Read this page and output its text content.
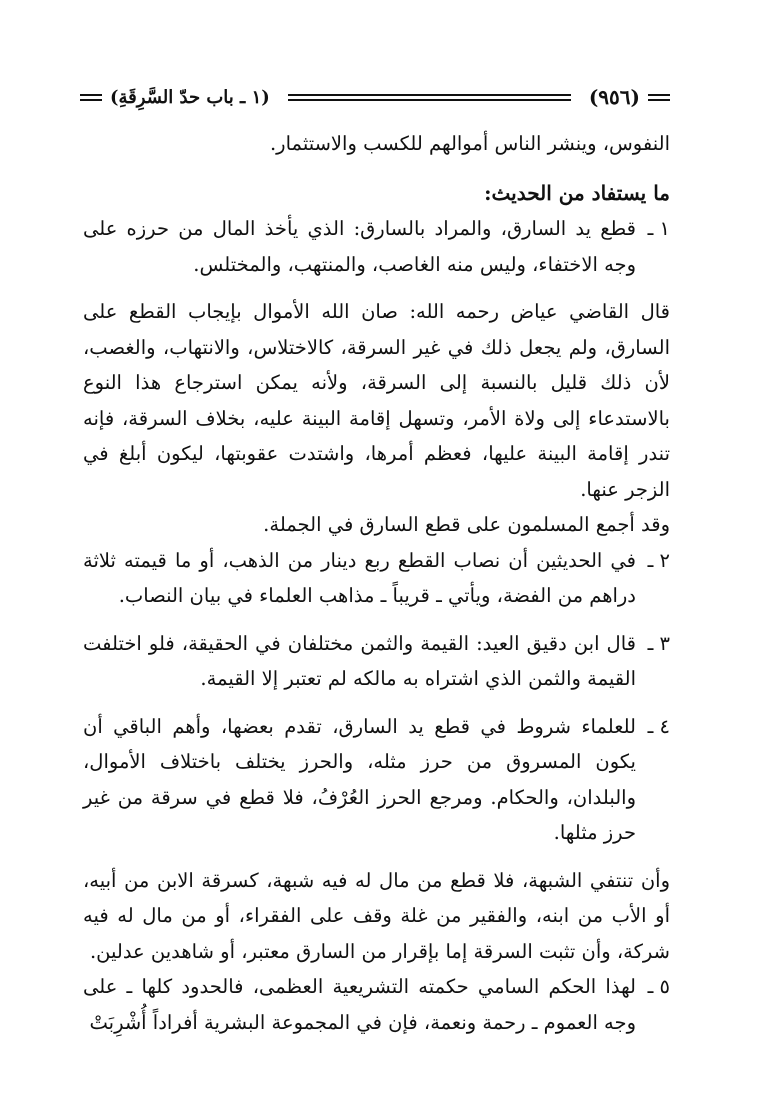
(٩٥٦)
(١ ـ باب حدّ السَّرِقَةِ)

النفوس، وينشر الناس أموالهم للكسب والاستثمار.

ما يستفاد من الحديث:

١ ـ
قطع يد السارق، والمراد بالسارق: الذي يأخذ المال من حرزه على وجه الاختفاء، وليس منه الغاصب، والمنتهب، والمختلس.

قال القاضي عياض رحمه الله: صان الله الأموال بإيجاب القطع على السارق، ولم يجعل ذلك في غير السرقة، كالاختلاس، والانتهاب، والغصب، لأن ذلك قليل بالنسبة إلى السرقة، ولأنه يمكن استرجاع هذا النوع بالاستدعاء إلى ولاة الأمر، وتسهل إقامة البينة عليه، بخلاف السرقة، فإنه تندر إقامة البينة عليها، فعظم أمرها، واشتدت عقوبتها، ليكون أبلغ في الزجر عنها.

وقد أجمع المسلمون على قطع السارق في الجملة.

٢ ـ
في الحديثين أن نصاب القطع ربع دينار من الذهب، أو ما قيمته ثلاثة دراهم من الفضة، ويأتي ـ قريباً ـ مذاهب العلماء في بيان النصاب.
٣ ـ
قال ابن دقيق العيد: القيمة والثمن مختلفان في الحقيقة، فلو اختلفت القيمة والثمن الذي اشتراه به مالكه لم تعتبر إلا القيمة.
٤ ـ
للعلماء شروط في قطع يد السارق، تقدم بعضها، وأهم الباقي أن يكون المسروق من حرز مثله، والحرز يختلف باختلاف الأموال، والبلدان، والحكام. ومرجع الحرز العُرْفُ، فلا قطع في سرقة من غير حرز مثلها.

وأن تنتفي الشبهة، فلا قطع من مال له فيه شبهة، كسرقة الابن من أبيه، أو الأب من ابنه، والفقير من غلة وقف على الفقراء، أو من مال له فيه شركة، وأن تثبت السرقة إما بإقرار من السارق معتبر، أو شاهدين عدلين.

٥ ـ
لهذا الحكم السامي حكمته التشريعية العظمى، فالحدود كلها ـ على وجه العموم ـ رحمة ونعمة، فإن في المجموعة البشرية أفراداً أُشْرِبَتْ
